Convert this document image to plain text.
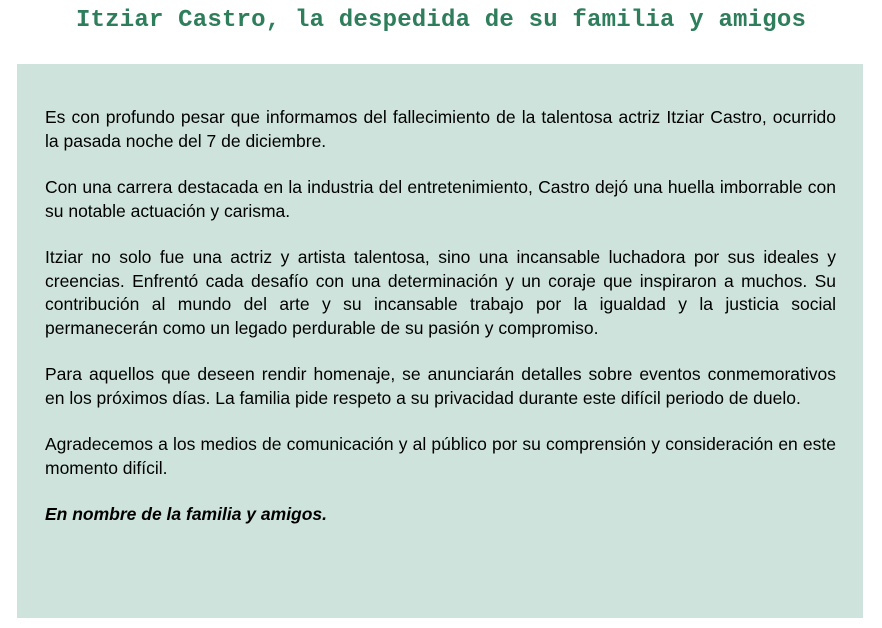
Itziar Castro, la despedida de su familia y amigos

Es con profundo pesar que informamos del fallecimiento de la talentosa actriz Itziar Castro, ocurrido la pasada noche del 7 de diciembre.

Con una carrera destacada en la industria del entretenimiento, Castro dejó una huella imborrable con su notable actuación y carisma.

Itziar no solo fue una actriz y artista talentosa, sino una incansable luchadora por sus ideales y creencias. Enfrentó cada desafío con una determinación y un coraje que inspiraron a muchos. Su contribución al mundo del arte y su incansable trabajo por la igualdad y la justicia social permanecerán como un legado perdurable de su pasión y compromiso.

Para aquellos que deseen rendir homenaje, se anunciarán detalles sobre eventos conmemorativos en los próximos días. La familia pide respeto a su privacidad durante este difícil periodo de duelo.

Agradecemos a los medios de comunicación y al público por su comprensión y consideración en este momento difícil.

En nombre de la familia y amigos.
